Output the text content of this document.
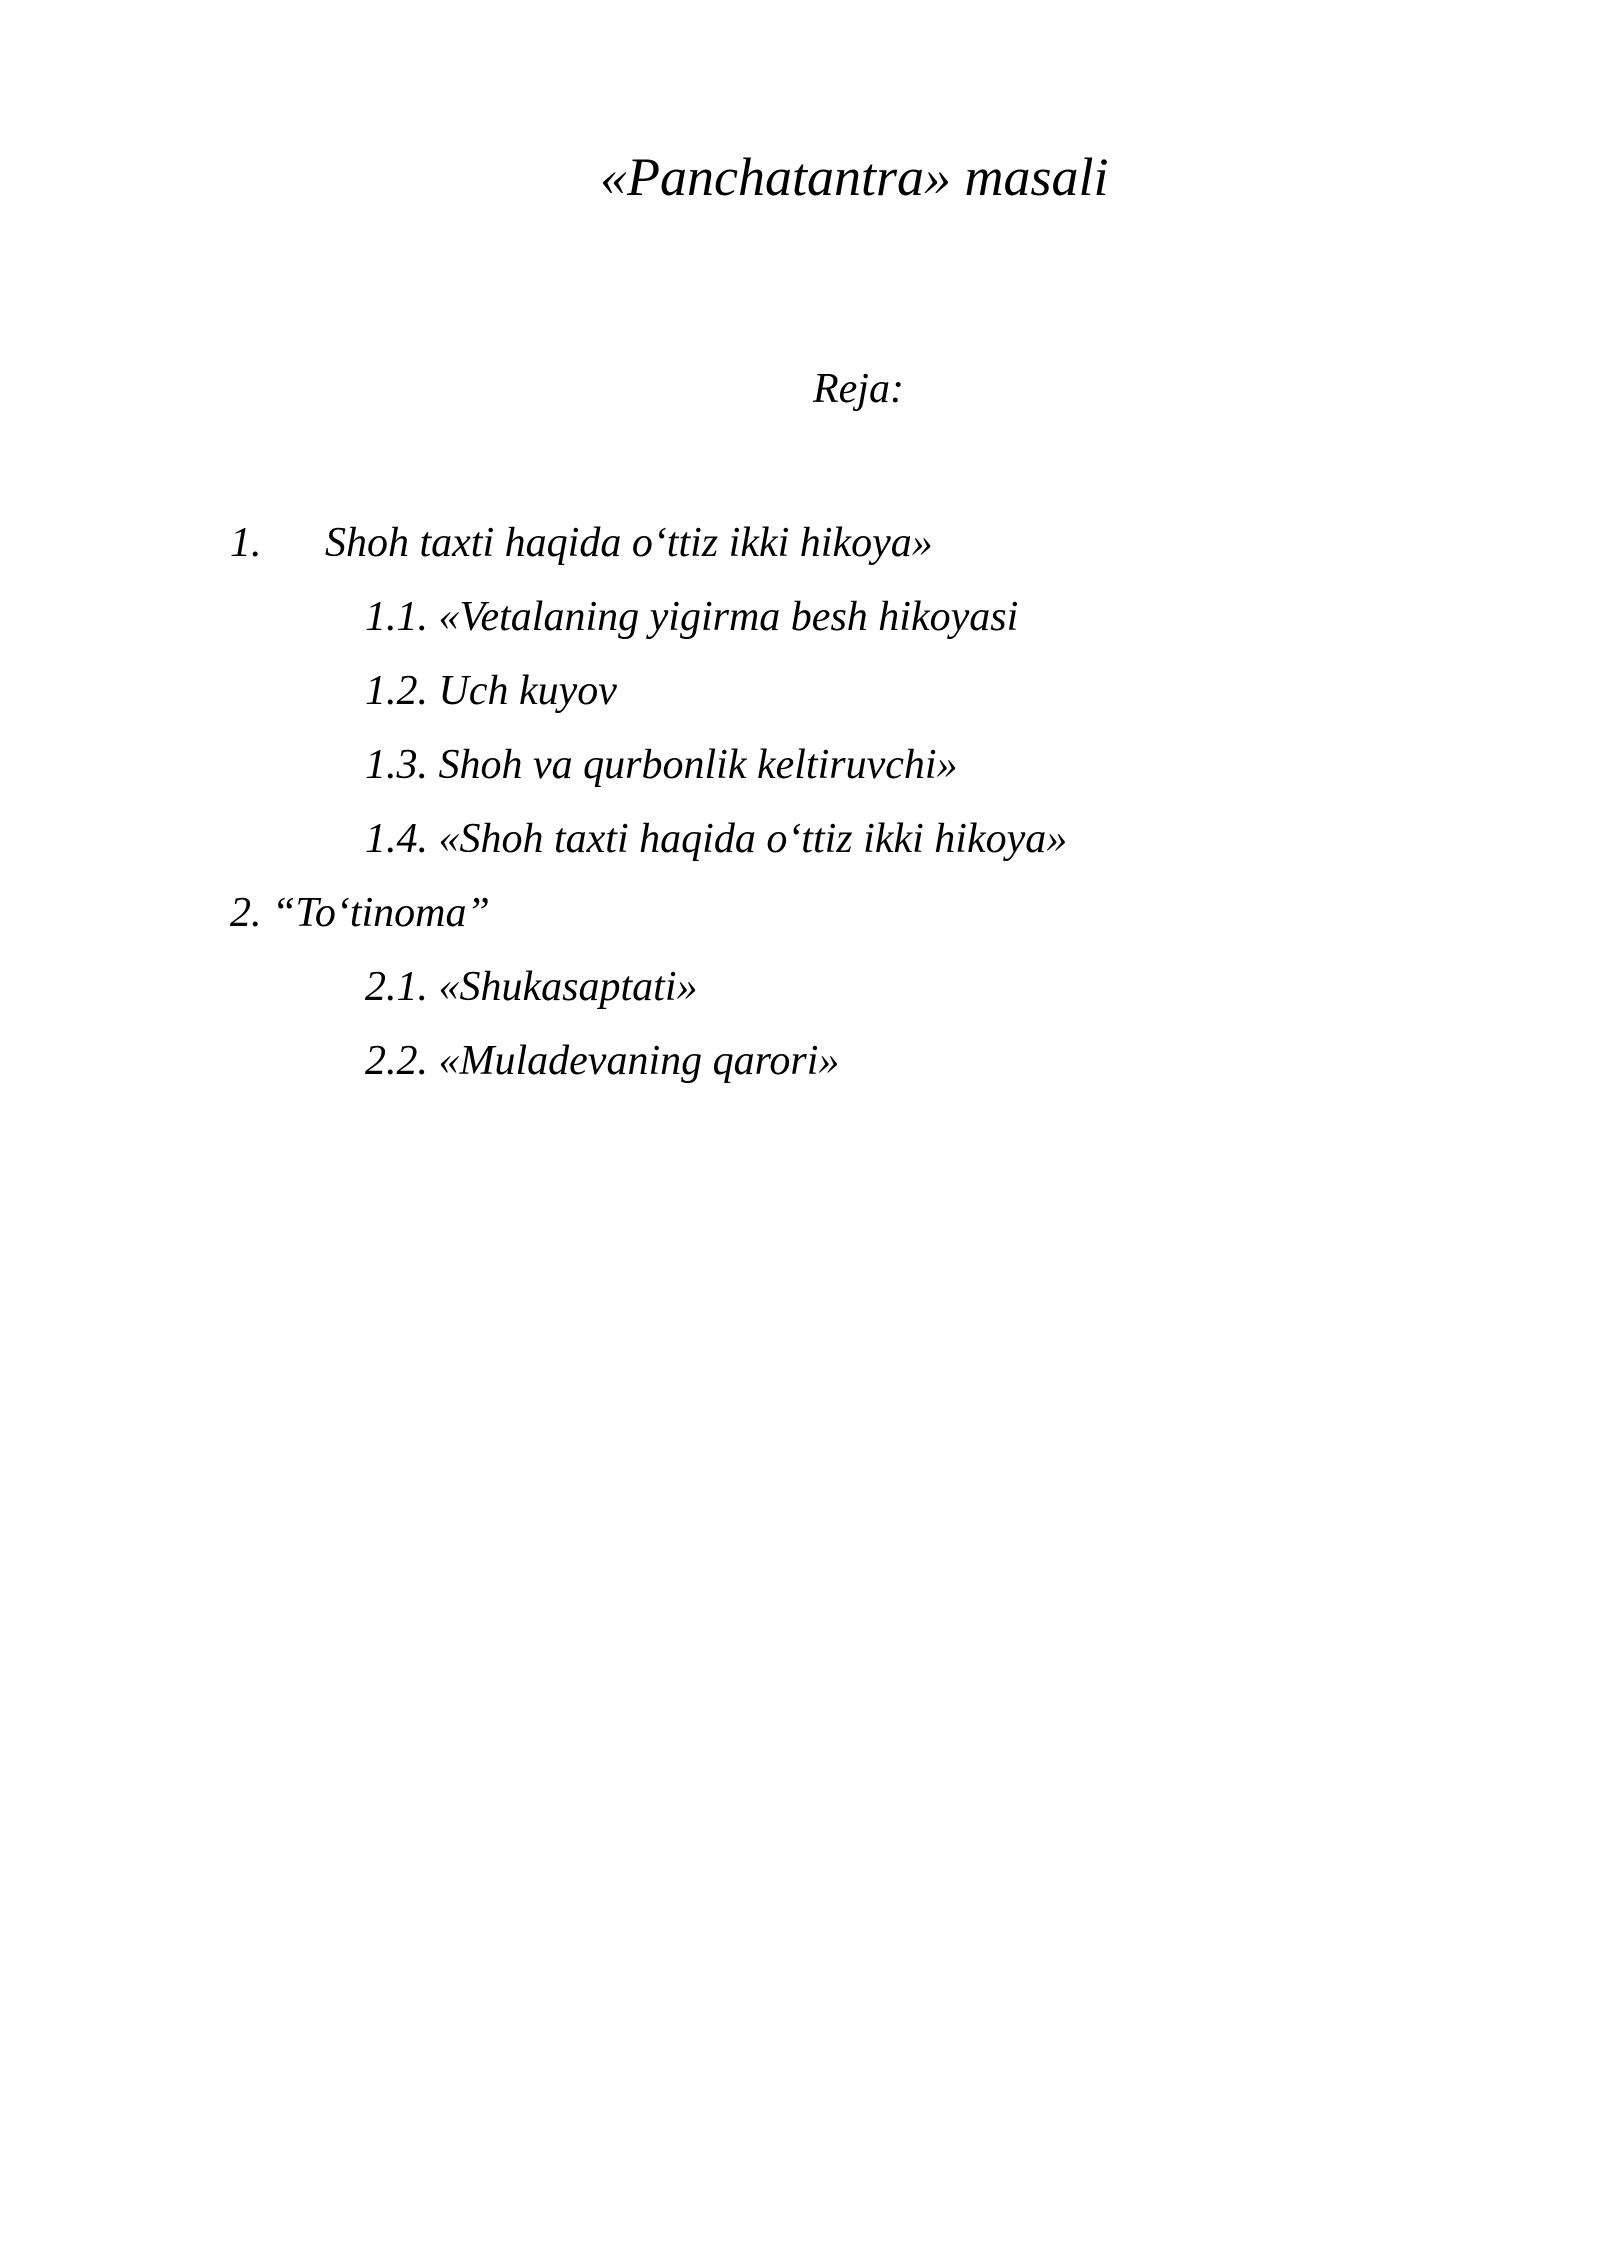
«Panchatantra» masali
Reja:
1. Shoh taxti haqida o‘ttiz ikki hikoya»
1.1. «Vetalaning yigirma besh hikoyasi
1.2. Uch kuyov
1.3. Shoh va qurbonlik keltiruvchi»
1.4. «Shoh taxti haqida o‘ttiz ikki hikoya»
2. “To‘tinoma”
2.1. «Shukasaptati»
2.2. «Muladevaning qarori»
